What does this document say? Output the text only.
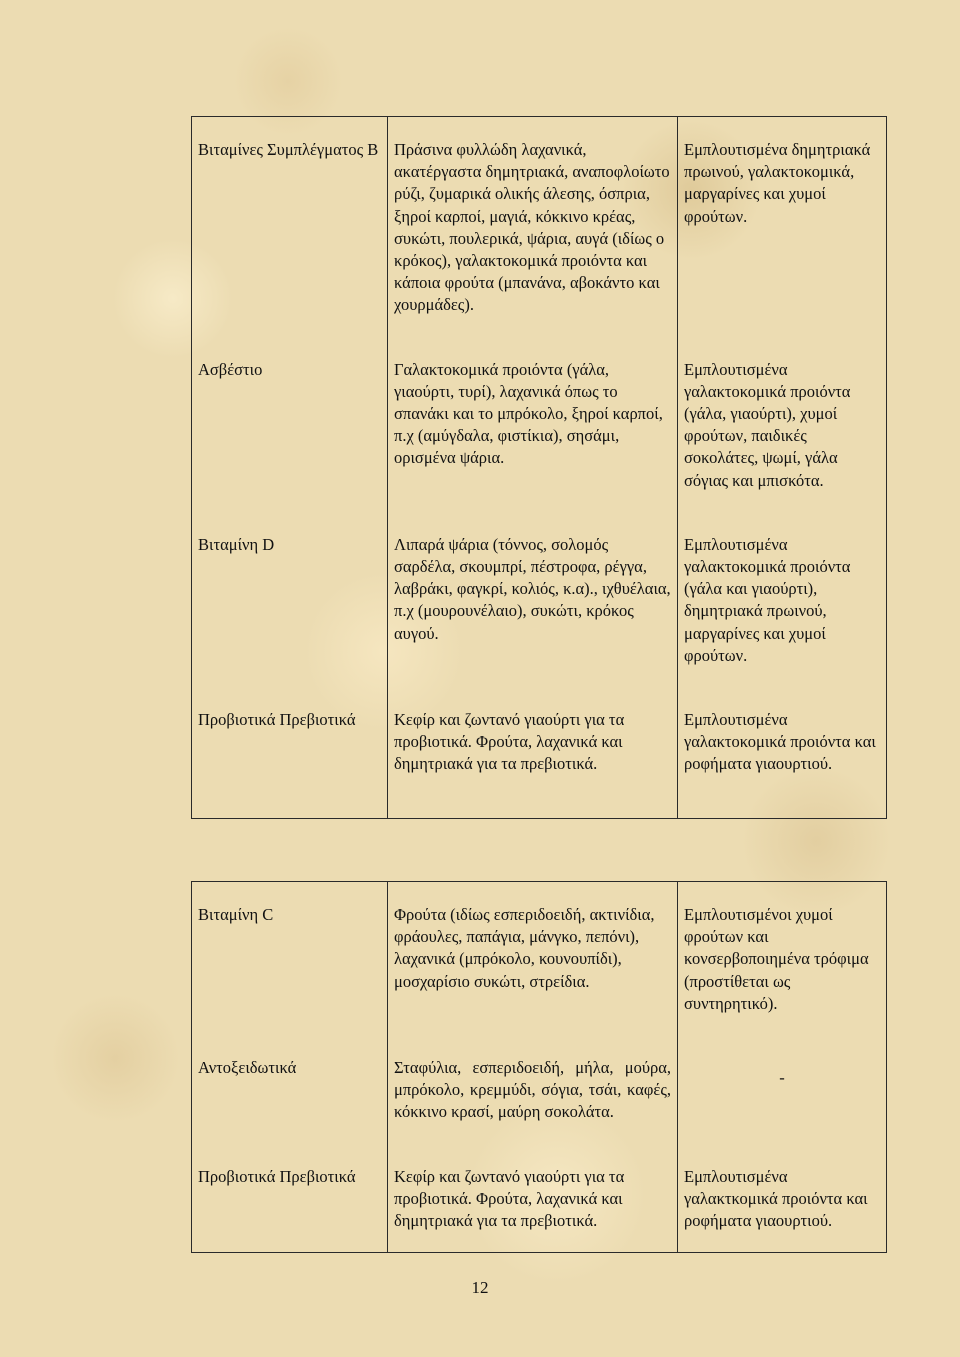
Βιταμίνες Συμπλέγματος Β	Πράσινα φυλλώδη λαχανικά, ακατέργαστα δημητριακά, αναποφλοίωτο ρύζι, ζυμαρικά ολικής άλεσης, όσπρια, ξηροί καρποί, μαγιά, κόκκινο κρέας, συκώτι, πουλερικά, ψάρια, αυγά (ιδίως ο κρόκος), γαλακτοκομικά προιόντα και κάποια φρούτα (μπανάνα, αβοκάντο και χουρμάδες).	Εμπλουτισμένα δημητριακά πρωινού, γαλακτοκομικά, μαργαρίνες και χυμοί φρούτων.
Ασβέστιο	Γαλακτοκομικά προιόντα (γάλα, γιαούρτι, τυρί), λαχανικά όπως το σπανάκι και το μπρόκολο, ξηροί καρποί, π.χ (αμύγδαλα, φιστίκια), σησάμι, ορισμένα ψάρια.	Εμπλουτισμένα γαλακτοκομικά προιόντα (γάλα, γιαούρτι), χυμοί φρούτων, παιδικές σοκολάτες, ψωμί, γάλα σόγιας και μπισκότα.
Βιταμίνη D	Λιπαρά ψάρια (τόννος, σολομός σαρδέλα, σκουμπρί, πέστροφα, ρέγγα, λαβράκι, φαγκρί, κολιός, κ.α)., ιχθυέλαια, π.χ (μουρουνέλαιο), συκώτι, κρόκος αυγού.	Εμπλουτισμένα γαλακτοκομικά προιόντα (γάλα και γιαούρτι), δημητριακά πρωινού, μαργαρίνες και χυμοί φρούτων.
Προβιοτικά Πρεβιοτικά	Κεφίρ και ζωντανό γιαούρτι για τα προβιοτικά. Φρούτα, λαχανικά και δημητριακά για τα πρεβιοτικά.	Εμπλουτισμένα γαλακτοκομικά προιόντα και ροφήματα γιαουρτιού.
Βιταμίνη C	Φρούτα (ιδίως εσπεριδοειδή, ακτινίδια, φράουλες, παπάγια, μάνγκο, πεπόνι), λαχανικά (μπρόκολο, κουνουπίδι), μοσχαρίσιο συκώτι, στρείδια.	Εμπλουτισμένοι χυμοί φρούτων και κονσερβοποιημένα τρόφιμα (προστίθεται ως συντηρητικό).
Αντοξειδωτικά	Σταφύλια, εσπεριδοειδή, μήλα, μούρα, μπρόκολο, κρεμμύδι, σόγια, τσάι, καφές, κόκκινο κρασί, μαύρη σοκολάτα.	-
Προβιοτικά Πρεβιοτικά	Κεφίρ και ζωντανό γιαούρτι για τα προβιοτικά. Φρούτα, λαχανικά και δημητριακά για τα πρεβιοτικά.	Εμπλουτισμένα γαλακτκομικά προιόντα και ροφήματα γιαουρτιού.
12
